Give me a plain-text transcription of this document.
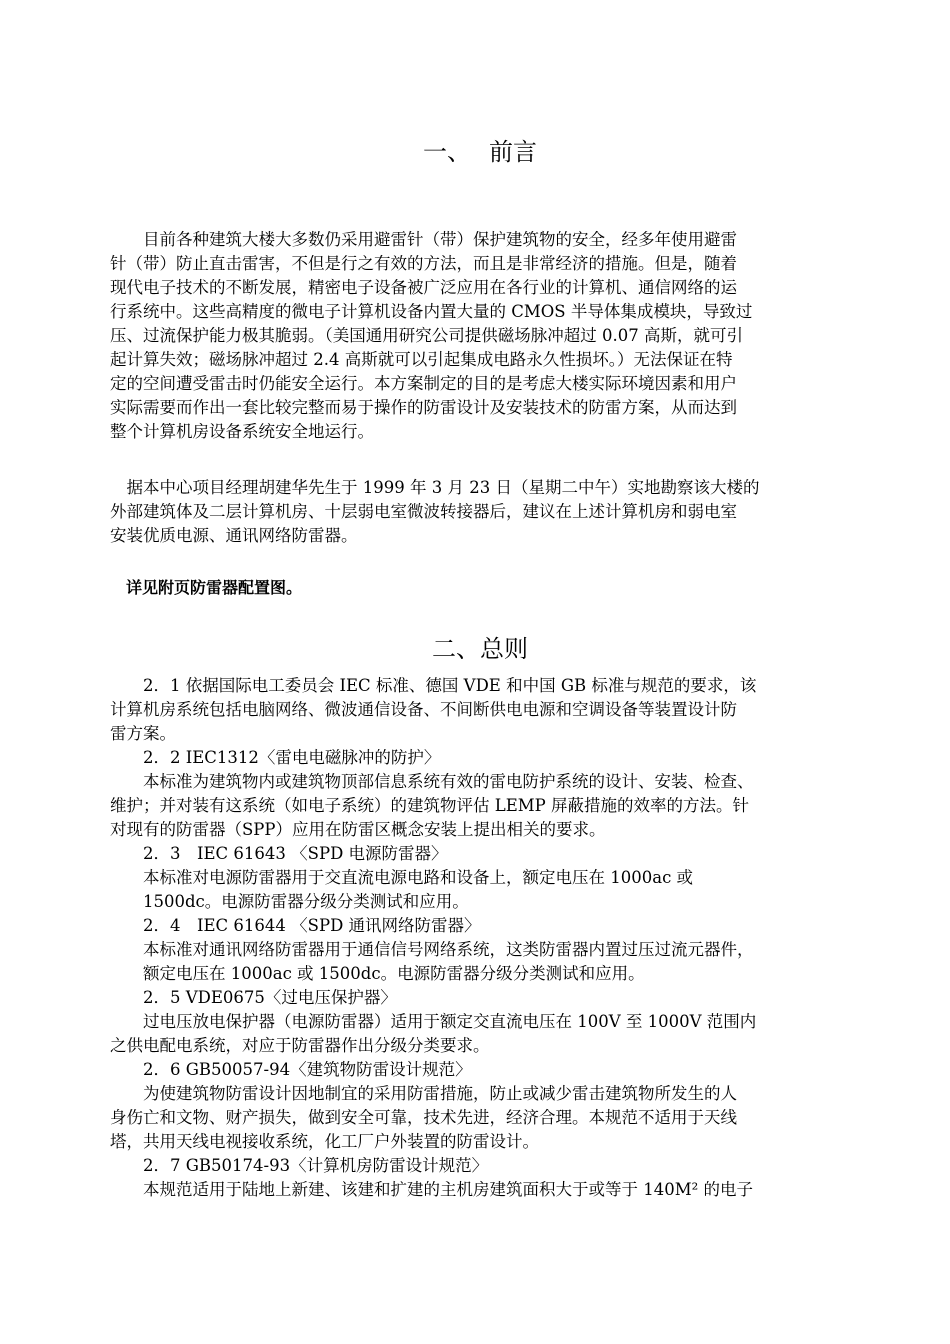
一、 前言
　　目前各种建筑大楼大多数仍采用避雷针（带）保护建筑物的安全，经多年使用避雷
针（带）防止直击雷害，不但是行之有效的方法，而且是非常经济的措施。但是，随着
现代电子技术的不断发展，精密电子设备被广泛应用在各行业的计算机、通信网络的运
行系统中。这些高精度的微电子计算机设备内置大量的 CMOS 半导体集成模块，导致过
压、过流保护能力极其脆弱。（美国通用研究公司提供磁场脉冲超过 0.07 高斯，就可引
起计算失效；磁场脉冲超过 2.4 高斯就可以引起集成电路永久性损坏。）无法保证在特
定的空间遭受雷击时仍能安全运行。本方案制定的目的是考虑大楼实际环境因素和用户
实际需要而作出一套比较完整而易于操作的防雷设计及安装技术的防雷方案，从而达到
整个计算机房设备系统安全地运行。
　据本中心项目经理胡建华先生于 1999 年 3 月 23 日（星期二中午）实地勘察该大楼的
外部建筑体及二层计算机房、十层弱电室微波转接器后，建议在上述计算机房和弱电室
安装优质电源、通讯网络防雷器。
　详见附页防雷器配置图。
二、总则
　　2．1 依据国际电工委员会 IEC 标准、德国 VDE 和中国 GB 标准与规范的要求，该
计算机房系统包括电脑网络、微波通信设备、不间断供电电源和空调设备等装置设计防
雷方案。
　　2．2 IEC1312〈雷电电磁脉冲的防护〉
　　本标准为建筑物内或建筑物顶部信息系统有效的雷电防护系统的设计、安装、检查、
维护；并对装有这系统（如电子系统）的建筑物评估 LEMP 屏蔽措施的效率的方法。针
对现有的防雷器（SPP）应用在防雷区概念安装上提出相关的要求。
　　2．3　IEC 61643 〈SPD 电源防雷器〉
　　本标准对电源防雷器用于交直流电源电路和设备上，额定电压在 1000ac 或
　　1500dc。电源防雷器分级分类测试和应用。
　　2．4　IEC 61644 〈SPD 通讯网络防雷器〉
　　本标准对通讯网络防雷器用于通信信号网络系统，这类防雷器内置过压过流元器件，
　　额定电压在 1000ac 或 1500dc。电源防雷器分级分类测试和应用。
　　2．5 VDE0675〈过电压保护器〉
　　过电压放电保护器（电源防雷器）适用于额定交直流电压在 100V 至 1000V 范围内
之供电配电系统，对应于防雷器作出分级分类要求。
　　2．6 GB50057-94〈建筑物防雷设计规范〉
　　为使建筑物防雷设计因地制宜的采用防雷措施，防止或减少雷击建筑物所发生的人
身伤亡和文物、财产损失，做到安全可靠，技术先进，经济合理。本规范不适用于天线
塔，共用天线电视接收系统，化工厂户外装置的防雷设计。
　　2．7 GB50174-93〈计算机房防雷设计规范〉
　　本规范适用于陆地上新建、该建和扩建的主机房建筑面积大于或等于 140M² 的电子
